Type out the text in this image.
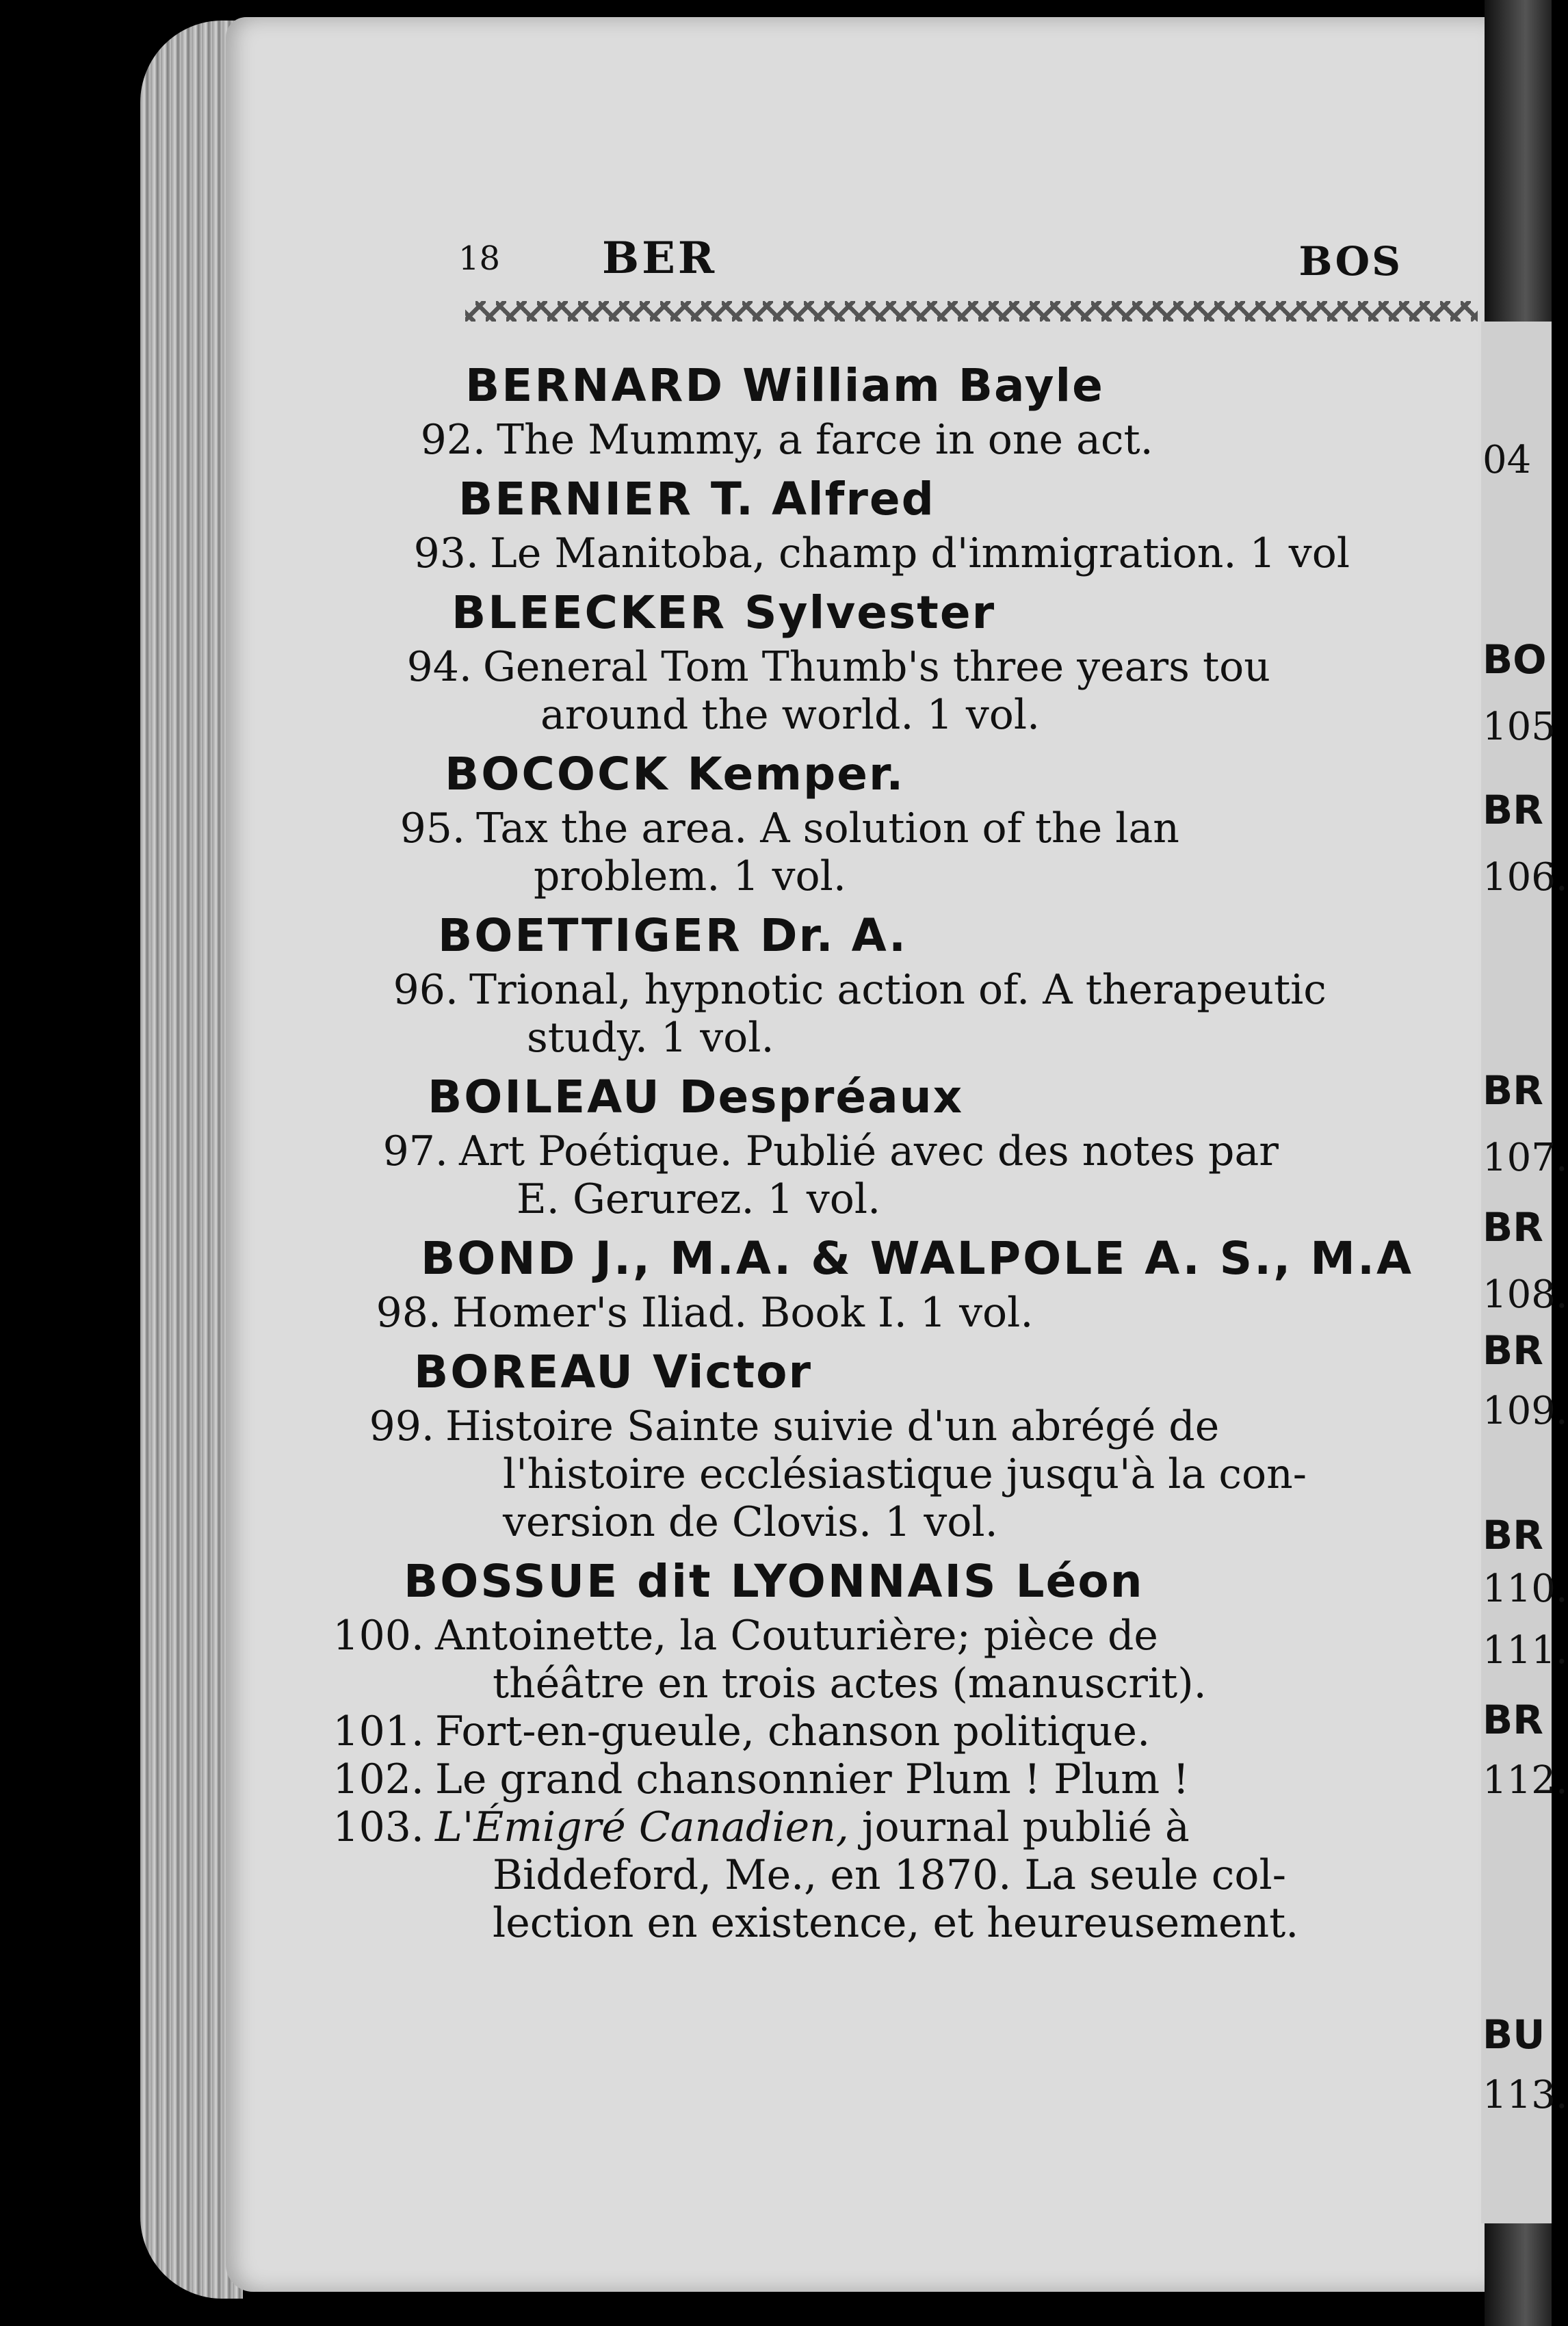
04
BO
105
BR
106.
BR
107.
BR
108.
BR
109.
BR
110.
111.
BR
112.
BU
113.
18 BER	BOS
BERNARD William Bayle
92. The Mummy, a farce in one act.
BERNIER T. Alfred
93. Le Manitoba, champ d'immigration. 1 vol
BLEECKER Sylvester
94. General Tom Thumb's three years tou
around the world. 1 vol.
BOCOCK Kemper.
95. Tax the area. A solution of the lan
problem. 1 vol.
BOETTIGER Dr. A.
96. Trional, hypnotic action of. A therapeutic
study. 1 vol.
BOILEAU Despréaux
97. Art Poétique. Publié avec des notes par
E. Gerurez. 1 vol.
BOND J., M.A. & WALPOLE A. S., M.A
98. Homer's Iliad. Book I. 1 vol.
BOREAU Victor
99. Histoire Sainte suivie d'un abrégé de
l'histoire ecclésiastique jusqu'à la con-
version de Clovis. 1 vol.
BOSSUE dit LYONNAIS Léon
100. Antoinette, la Couturière; pièce de
théâtre en trois actes (manuscrit).
101. Fort-en-gueule, chanson politique.
102. Le grand chansonnier Plum ! Plum !
103. L'Émigré Canadien, journal publié à
Biddeford, Me., en 1870. La seule col-
lection en existence, et heureusement.
